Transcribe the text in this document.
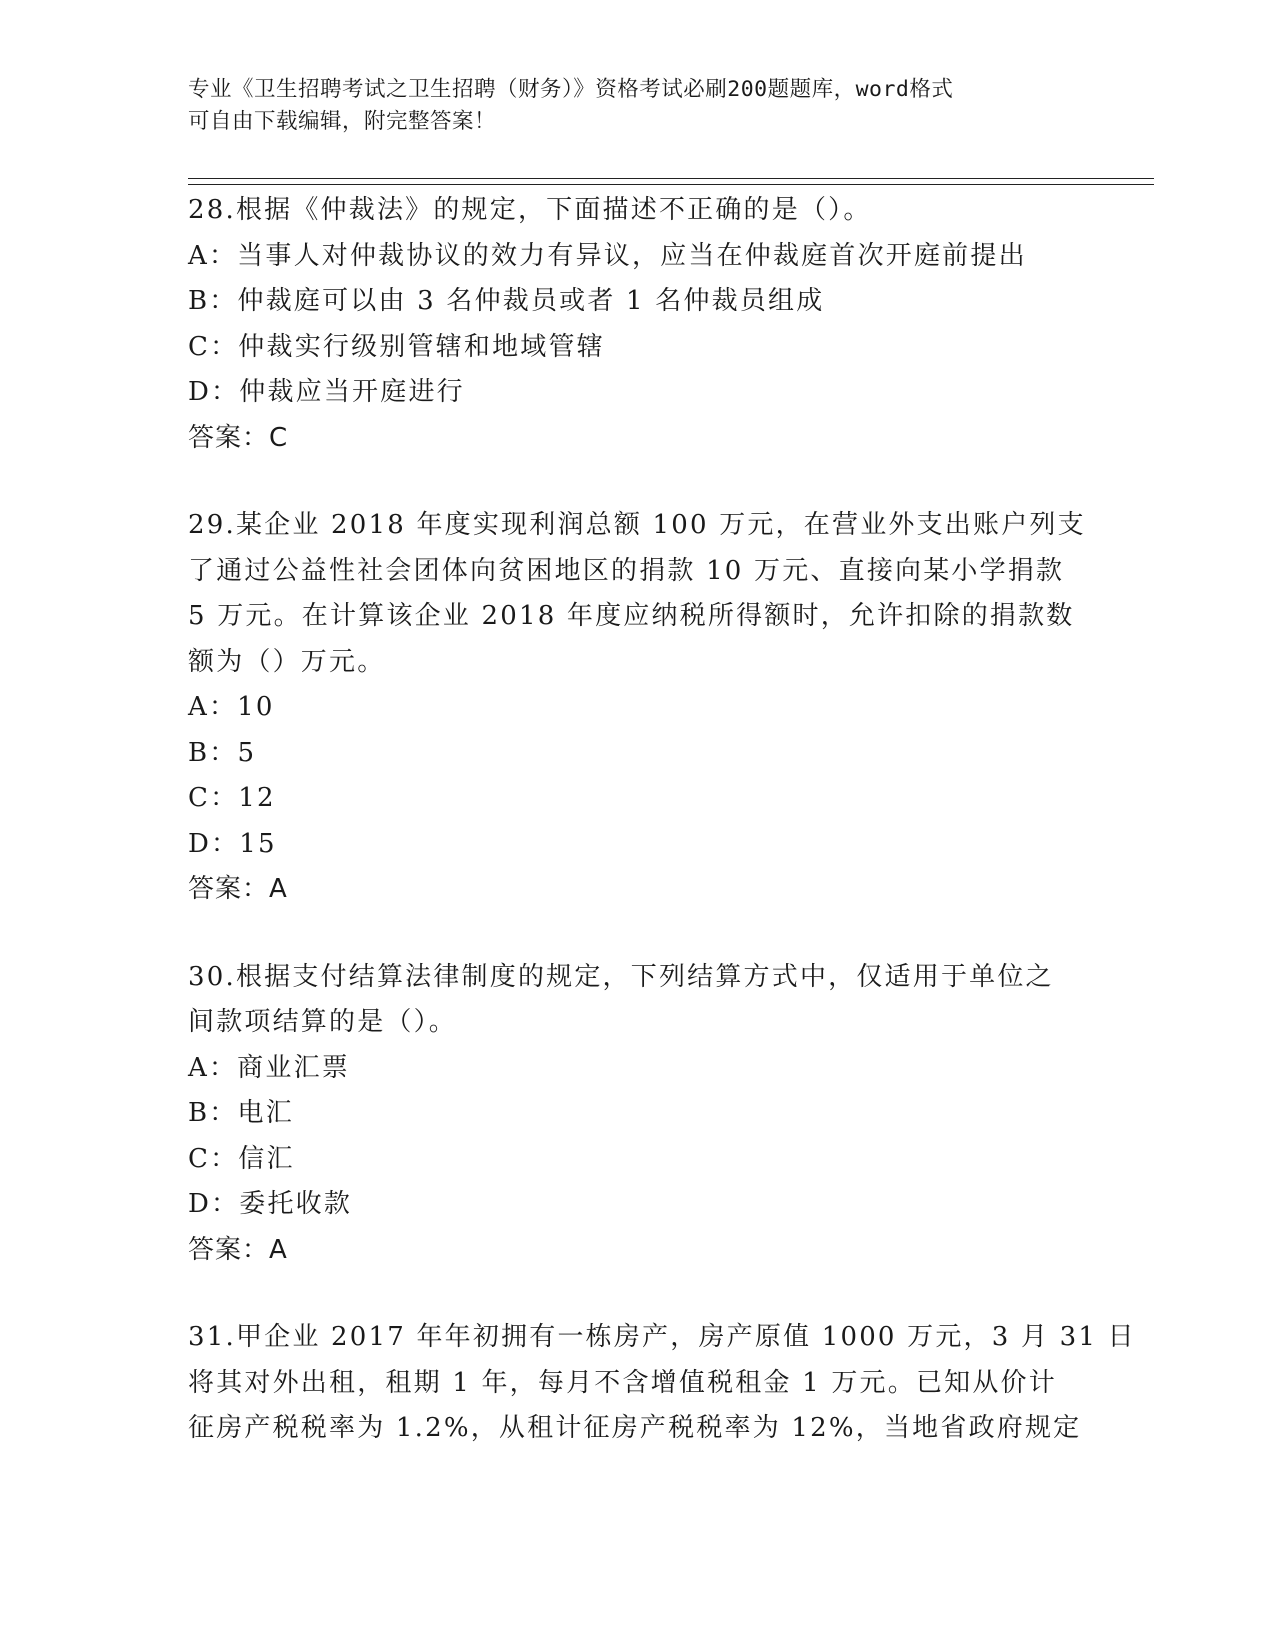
专业《卫生招聘考试之卫生招聘（财务）》资格考试必刷200题题库，word格式
可自由下载编辑，附完整答案！
28.根据《仲裁法》的规定，下面描述不正确的是（）。
A：当事人对仲裁协议的效力有异议，应当在仲裁庭首次开庭前提出
B：仲裁庭可以由 3 名仲裁员或者 1 名仲裁员组成
C：仲裁实行级别管辖和地域管辖
D：仲裁应当开庭进行
答案：C
29.某企业 2018 年度实现利润总额 100 万元，在营业外支出账户列支
了通过公益性社会团体向贫困地区的捐款 10 万元、直接向某小学捐款
5 万元。在计算该企业 2018 年度应纳税所得额时，允许扣除的捐款数
额为（）万元。
A：10
B：5
C：12
D：15
答案：A
30.根据支付结算法律制度的规定，下列结算方式中，仅适用于单位之
间款项结算的是（）。
A：商业汇票
B：电汇
C：信汇
D：委托收款
答案：A
31.甲企业 2017 年年初拥有一栋房产，房产原值 1000 万元，3 月 31 日
将其对外出租，租期 1 年，每月不含增值税租金 1 万元。已知从价计
征房产税税率为 1.2%，从租计征房产税税率为 12%，当地省政府规定
